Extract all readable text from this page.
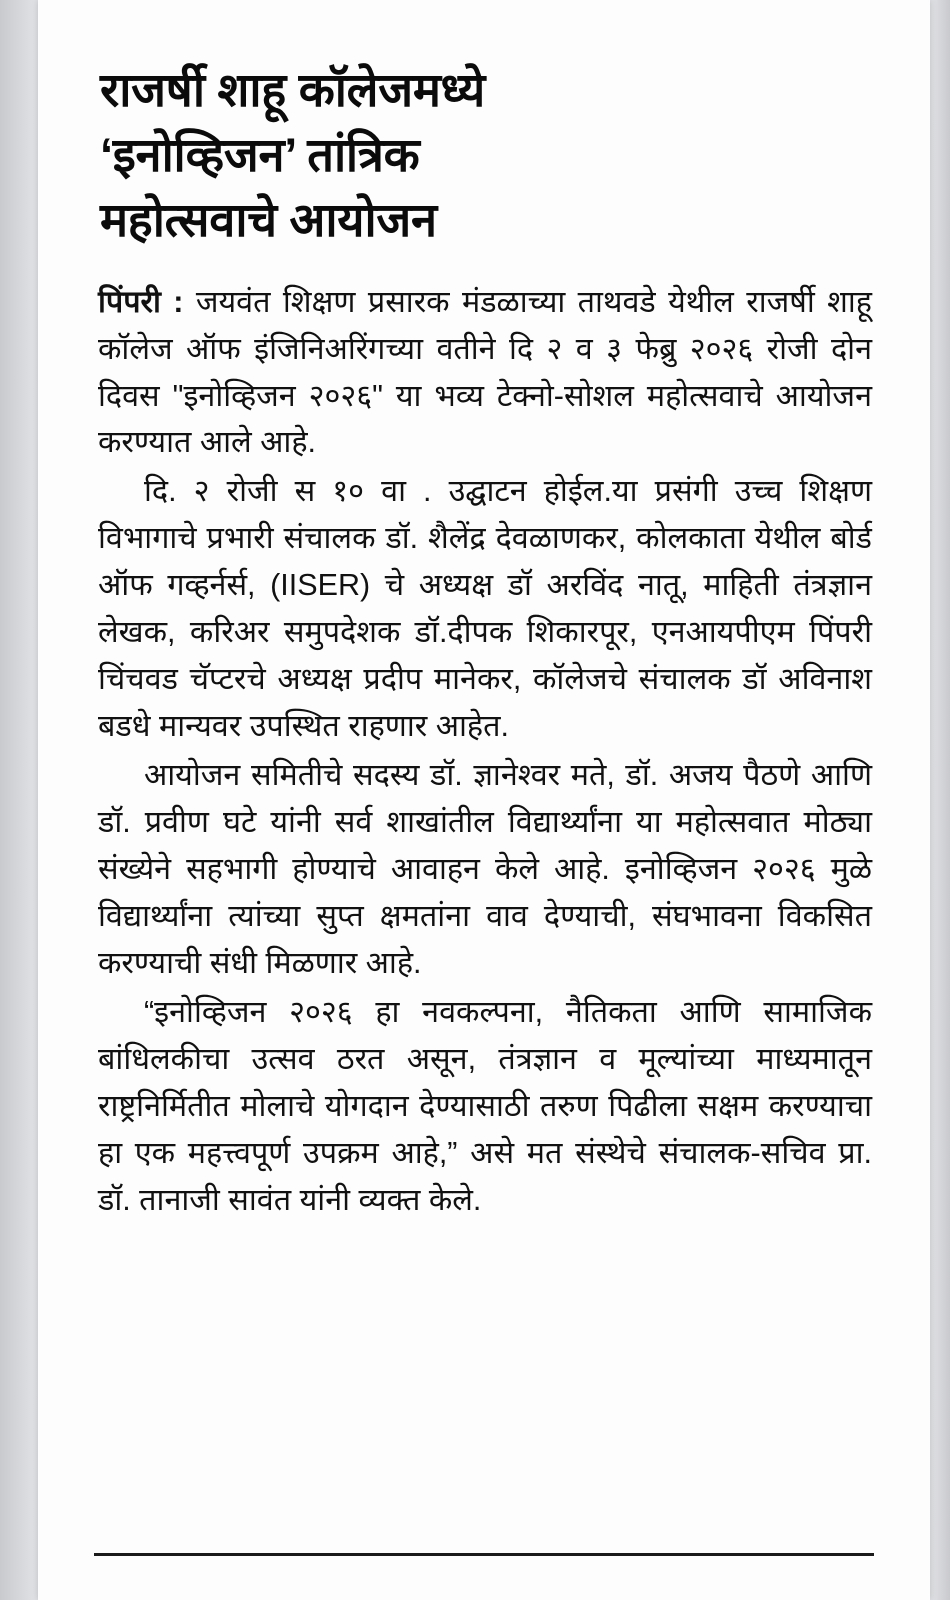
राजर्षी शाहू कॉलेजमध्ये
‘इनोव्हिजन’ तांत्रिक
महोत्सवाचे आयोजन

पिंपरी : जयवंत शिक्षण प्रसारक मंडळाच्या ताथवडे येथील राजर्षी शाहू कॉलेज ऑफ इंजिनिअरिंगच्या वतीने दि २ व ३ फेब्रु २०२६ रोजी दोन दिवस "इनोव्हिजन २०२६" या भव्य टेक्नो-सोशल महोत्सवाचे आयोजन करण्यात आले आहे.

दि. २ रोजी स १० वा . उद्घाटन होईल.या प्रसंगी उच्च शिक्षण विभागाचे प्रभारी संचालक डॉ. शैलेंद्र देवळाणकर, कोलकाता येथील बोर्ड ऑफ गव्हर्नर्स, (IISER) चे अध्यक्ष डॉ अरविंद नातू, माहिती तंत्रज्ञान लेखक, करिअर समुपदेशक डॉ.दीपक शिकारपूर, एनआयपीएम पिंपरी चिंचवड चॅप्टरचे अध्यक्ष प्रदीप मानेकर, कॉलेजचे संचालक डॉ अविनाश बडधे मान्यवर उपस्थित राहणार आहेत.

आयोजन समितीचे सदस्य डॉ. ज्ञानेश्वर मते, डॉ. अजय पैठणे आणि डॉ. प्रवीण घटे यांनी सर्व शाखांतील विद्यार्थ्यांना या महोत्सवात मोठ्या संख्येने सहभागी होण्याचे आवाहन केले आहे. इनोव्हिजन २०२६ मुळे विद्यार्थ्यांना त्यांच्या सुप्त क्षमतांना वाव देण्याची, संघभावना विकसित करण्याची संधी मिळणार आहे.

“इनोव्हिजन २०२६ हा नवकल्पना, नैतिकता आणि सामाजिक बांधिलकीचा उत्सव ठरत असून, तंत्रज्ञान व मूल्यांच्या माध्यमातून राष्ट्रनिर्मितीत मोलाचे योगदान देण्यासाठी तरुण पिढीला सक्षम करण्याचा हा एक महत्त्वपूर्ण उपक्रम आहे,” असे मत संस्थेचे संचालक-सचिव प्रा. डॉ. तानाजी सावंत यांनी व्यक्त केले.
